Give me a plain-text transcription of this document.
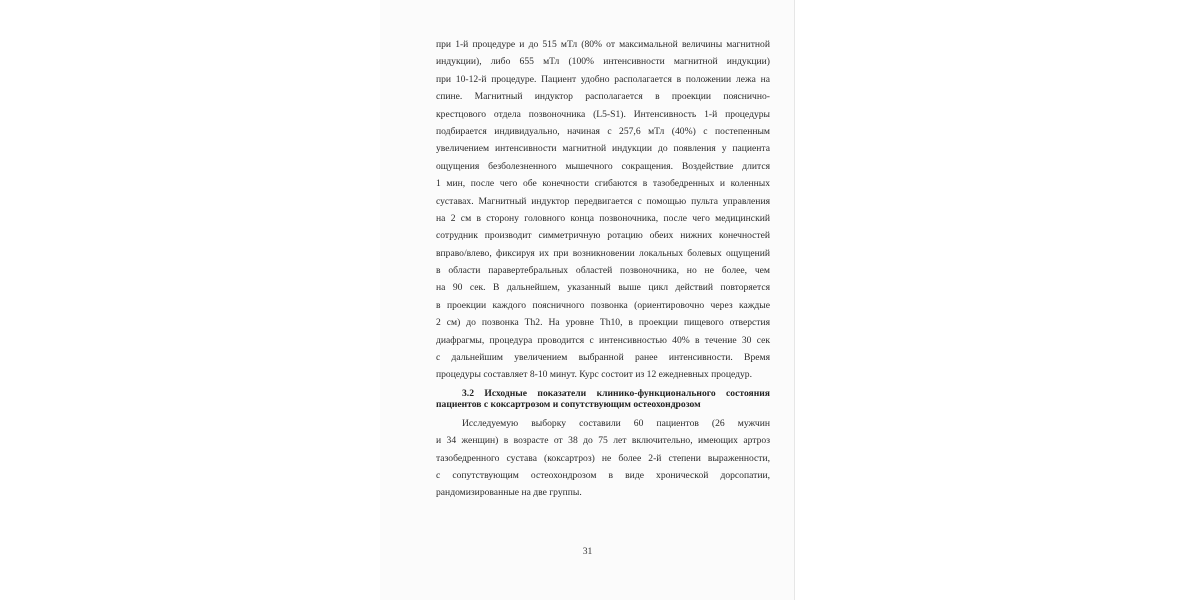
при 1-й процедуре и до 515 мТл (80% от максимальной величины магнитной
индукции), либо 655 мТл (100% интенсивности магнитной индукции)
при 10-12-й процедуре. Пациент удобно располагается в положении лежа на
спине. Магнитный индуктор располагается в проекции пояснично-
крестцового отдела позвоночника (L5-S1). Интенсивность 1-й процедуры
подбирается индивидуально, начиная с 257,6 мТл (40%) с постепенным
увеличением интенсивности магнитной индукции до появления у пациента
ощущения безболезненного мышечного сокращения. Воздействие длится
1 мин, после чего обе конечности сгибаются в тазобедренных и коленных
суставах. Магнитный индуктор передвигается с помощью пульта управления
на 2 см в сторону головного конца позвоночника, после чего медицинский
сотрудник производит симметричную ротацию обеих нижних конечностей
вправо/влево, фиксируя их при возникновении локальных болевых ощущений
в области паравертебральных областей позвоночника, но не более, чем
на 90 сек. В дальнейшем, указанный выше цикл действий повторяется
в проекции каждого поясничного позвонка (ориентировочно через каждые
2 см) до позвонка Th2. На уровне Th10, в проекции пищевого отверстия
диафрагмы, процедура проводится с интенсивностью 40% в течение 30 сек
с дальнейшим увеличением выбранной ранее интенсивности. Время
процедуры составляет 8-10 минут. Курс состоит из 12 ежедневных процедур.
3.2 Исходные показатели клинико-функционального состояния
пациентов с коксартрозом и сопутствующим остеохондрозом
Исследуемую выборку составили 60 пациентов (26 мужчин
и 34 женщин) в возрасте от 38 до 75 лет включительно, имеющих артроз
тазобедренного сустава (коксартроз) не более 2-й степени выраженности,
с сопутствующим остеохондрозом в виде хронической дорсопатии,
рандомизированные на две группы.
31
